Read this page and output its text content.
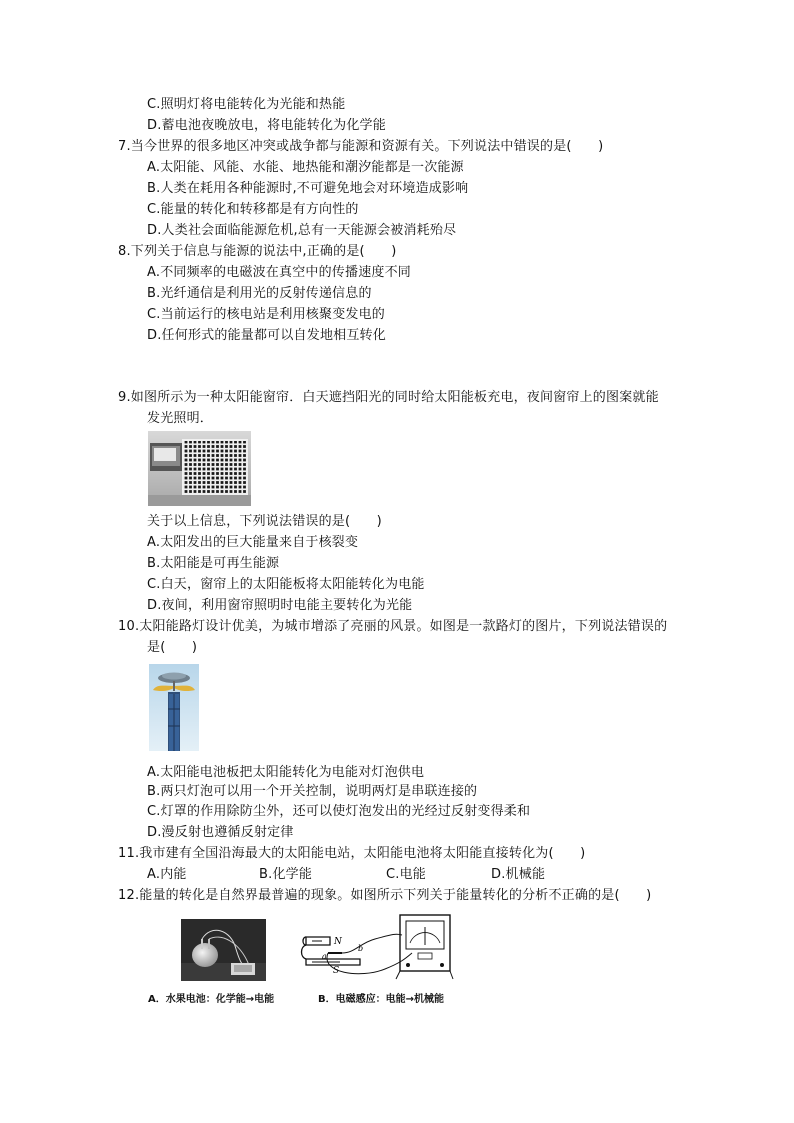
C.照明灯将电能转化为光能和热能
D.蓄电池夜晚放电，将电能转化为化学能
7.当今世界的很多地区冲突或战争都与能源和资源有关。下列说法中错误的是(　　)
A.太阳能、风能、水能、地热能和潮汐能都是一次能源
B.人类在耗用各种能源时,不可避免地会对环境造成影响
C.能量的转化和转移都是有方向性的
D.人类社会面临能源危机,总有一天能源会被消耗殆尽
8.下列关于信息与能源的说法中,正确的是(　　)
A.不同频率的电磁波在真空中的传播速度不同
B.光纤通信是利用光的反射传递信息的
C.当前运行的核电站是利用核聚变发电的
D.任何形式的能量都可以自发地相互转化
9.如图所示为一种太阳能窗帘．白天遮挡阳光的同时给太阳能板充电，夜间窗帘上的图案就能
发光照明．
关于以上信息，下列说法错误的是(　　)
A.太阳发出的巨大能量来自于核裂变
B.太阳能是可再生能源
C.白天，窗帘上的太阳能板将太阳能转化为电能
D.夜间，利用窗帘照明时电能主要转化为光能
10.太阳能路灯设计优美，为城市增添了亮丽的风景。如图是一款路灯的图片，下列说法错误的
是(　　)
A.太阳能电池板把太阳能转化为电能对灯泡供电
B.两只灯泡可以用一个开关控制，说明两灯是串联连接的
C.灯罩的作用除防尘外，还可以使灯泡发出的光经过反射变得柔和
D.漫反射也遵循反射定律
11.我市建有全国沿海最大的太阳能电站，太阳能电池将太阳能直接转化为(　　)
A.内能	B.化学能	C.电能	D.机械能
12.能量的转化是自然界最普遍的现象。如图所示下列关于能量转化的分析不正确的是(　　)
N
S
a
b
A．水果电池：化学能→电能	B．电磁感应：电能→机械能
